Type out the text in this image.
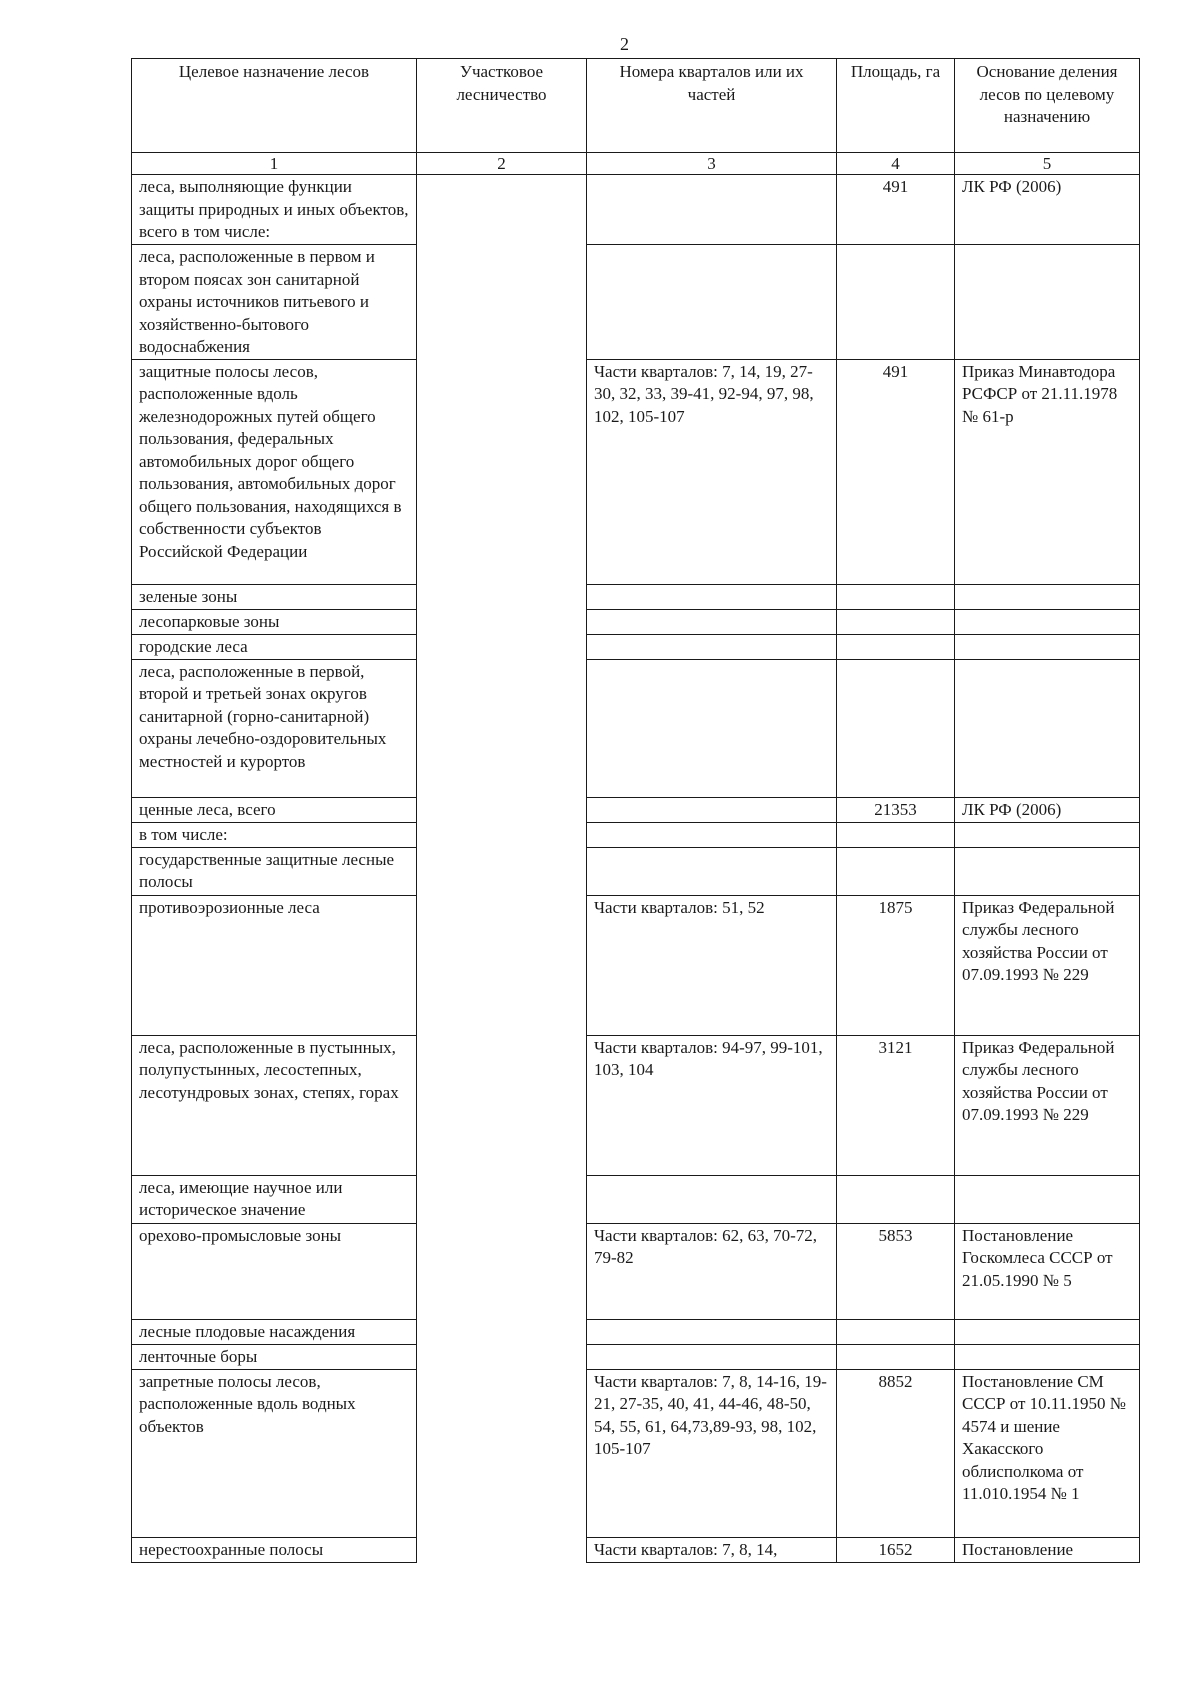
2
Целевое назначение лесов	Участковое лесничество	Номера кварталов или их частей	Площадь, га	Основание деления лесов по целевому назначению
1	2	3	4	5
леса, выполняющие функции защиты природных и иных объектов, всего в том числе:			491	ЛК РФ (2006)
леса, расположенные в первом и втором поясах зон санитарной охраны источников питьевого и хозяйственно-бытового водоснабжения				
защитные полосы лесов, расположенные вдоль железнодорожных путей общего пользования, федеральных автомобильных дорог общего пользования, автомобильных дорог общего пользования, находящихся в собственности субъектов Российской Федерации		Части кварталов: 7, 14, 19, 27-30, 32, 33, 39-41, 92-94, 97, 98, 102, 105-107	491	Приказ Минавтодора РСФСР от 21.11.1978 № 61-р
зеленые зоны				
лесопарковые зоны				
городские леса				
леса, расположенные в первой, второй и третьей зонах округов санитарной (горно-санитарной) охраны лечебно-оздоровительных местностей и курортов				
ценные леса, всего			21353	ЛК РФ (2006)
в том числе:				
государственные защитные лесные полосы				
противоэрозионные леса		Части кварталов: 51, 52	1875	Приказ Федеральной службы лесного хозяйства России от 07.09.1993 № 229
леса, расположенные в пустынных, полупустынных, лесостепных, лесотундровых зонах, степях, горах		Части кварталов: 94-97, 99-101, 103, 104	3121	Приказ Федеральной службы лесного хозяйства России от 07.09.1993 № 229
леса, имеющие научное или историческое значение				
орехово-промысловые зоны		Части кварталов: 62, 63, 70-72, 79-82	5853	Постановление Госкомлеса СССР от 21.05.1990 № 5
лесные плодовые насаждения				
ленточные боры				
запретные полосы лесов, расположенные вдоль водных объектов		Части кварталов: 7, 8, 14-16, 19-21, 27-35, 40, 41, 44-46, 48-50, 54, 55, 61, 64,73,89-93, 98, 102, 105-107	8852	Постановление СМ СССР от 10.11.1950 № 4574 и шение Хакасского облисполкома от 11.010.1954 № 1
нерестоохранные полосы		Части кварталов: 7, 8, 14,	1652	Постановление
